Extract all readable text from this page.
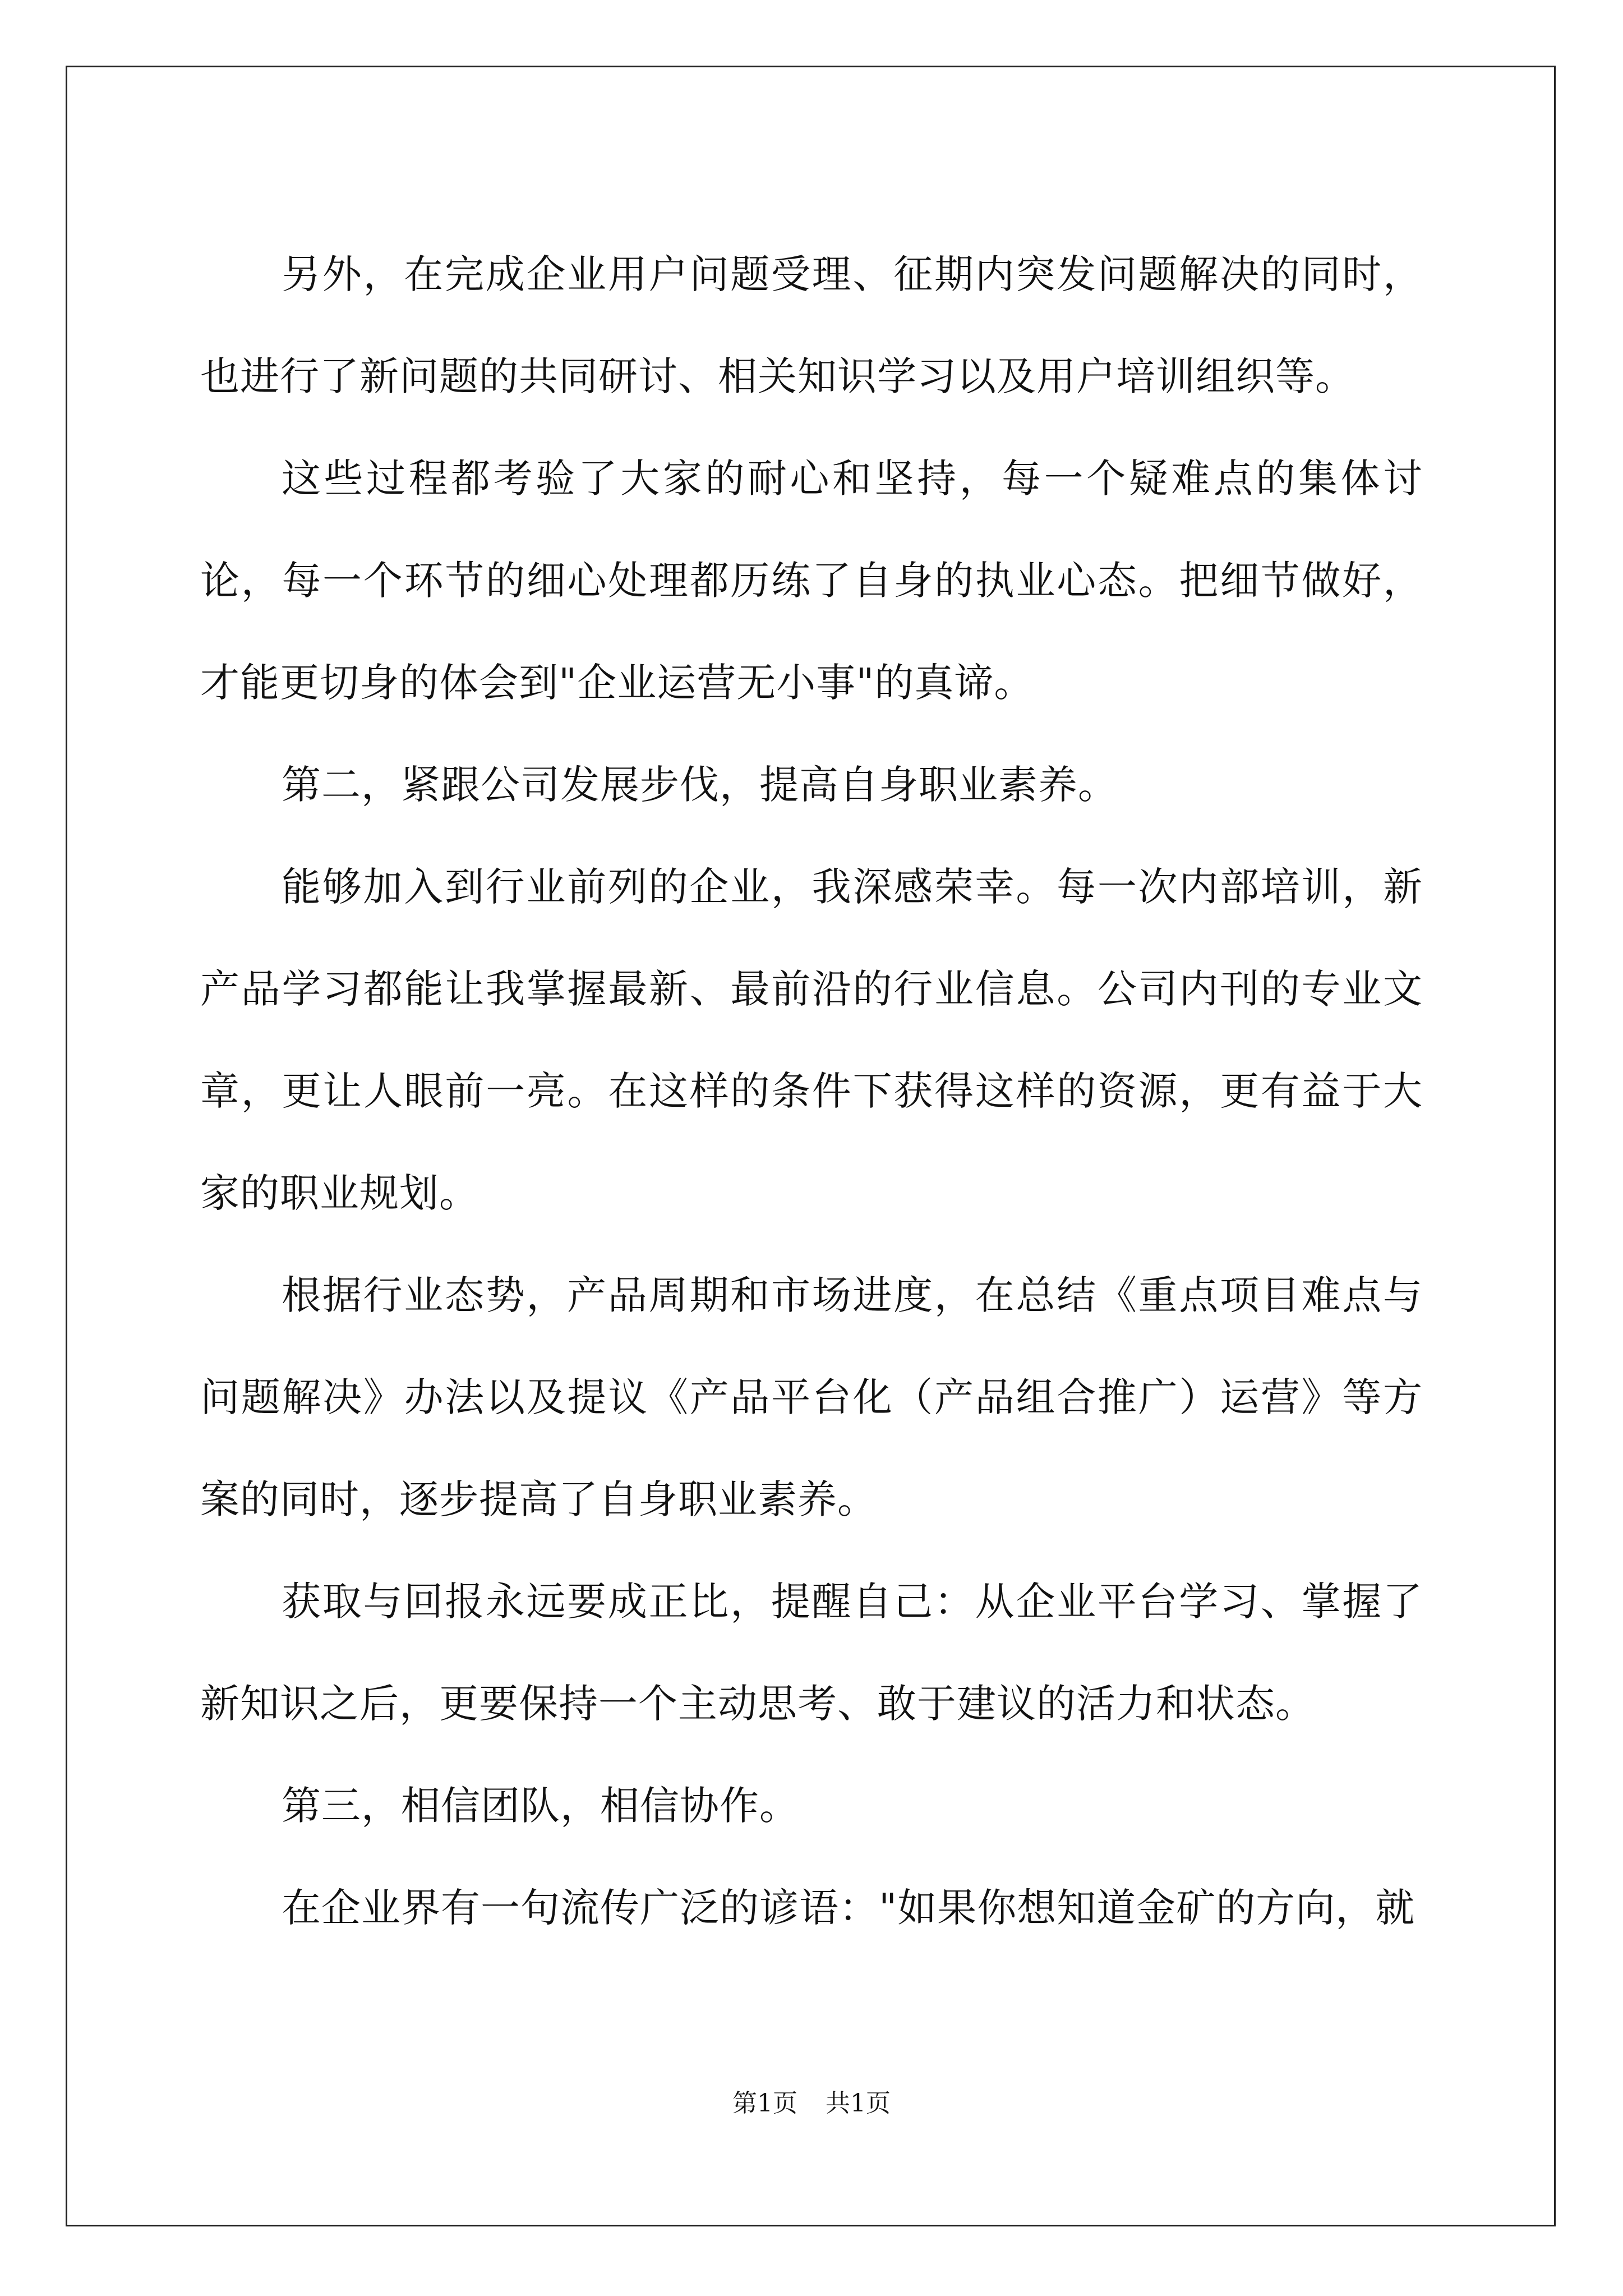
另外，在完成企业用户问题受理、征期内突发问题解决的同时，也进行了新问题的共同研讨、相关知识学习以及用户培训组织等。

这些过程都考验了大家的耐心和坚持，每一个疑难点的集体讨论，每一个环节的细心处理都历练了自身的执业心态。把细节做好，才能更切身的体会到"企业运营无小事"的真谛。

第二，紧跟公司发展步伐，提高自身职业素养。

能够加入到行业前列的企业，我深感荣幸。每一次内部培训，新产品学习都能让我掌握最新、最前沿的行业信息。公司内刊的专业文章，更让人眼前一亮。在这样的条件下获得这样的资源，更有益于大家的职业规划。

根据行业态势，产品周期和市场进度，在总结《重点项目难点与问题解决》办法以及提议《产品平台化（产品组合推广）运营》等方案的同时，逐步提高了自身职业素养。

获取与回报永远要成正比，提醒自己：从企业平台学习、掌握了新知识之后，更要保持一个主动思考、敢于建议的活力和状态。

第三，相信团队，相信协作。

在企业界有一句流传广泛的谚语："如果你想知道金矿的方向，就

第1页 共1页
